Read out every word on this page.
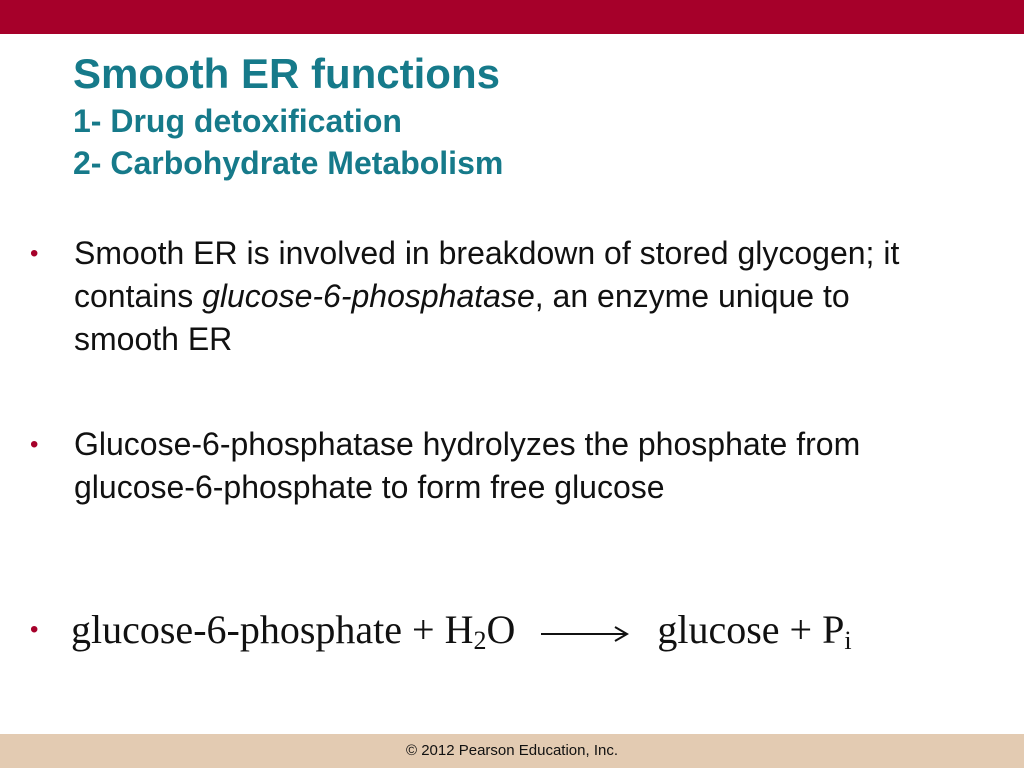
Smooth ER functions
1- Drug detoxification
2- Carbohydrate Metabolism
•	Smooth ER is involved in breakdown of stored glycogen; it contains glucose-6-phosphatase, an enzyme unique to smooth ER
•	Glucose-6-phosphatase hydrolyzes the phosphate from glucose-6-phosphate to form free glucose
• glucose-6-phosphate + $H_2O \to glucose + P_i$
© 2012 Pearson Education, Inc.
